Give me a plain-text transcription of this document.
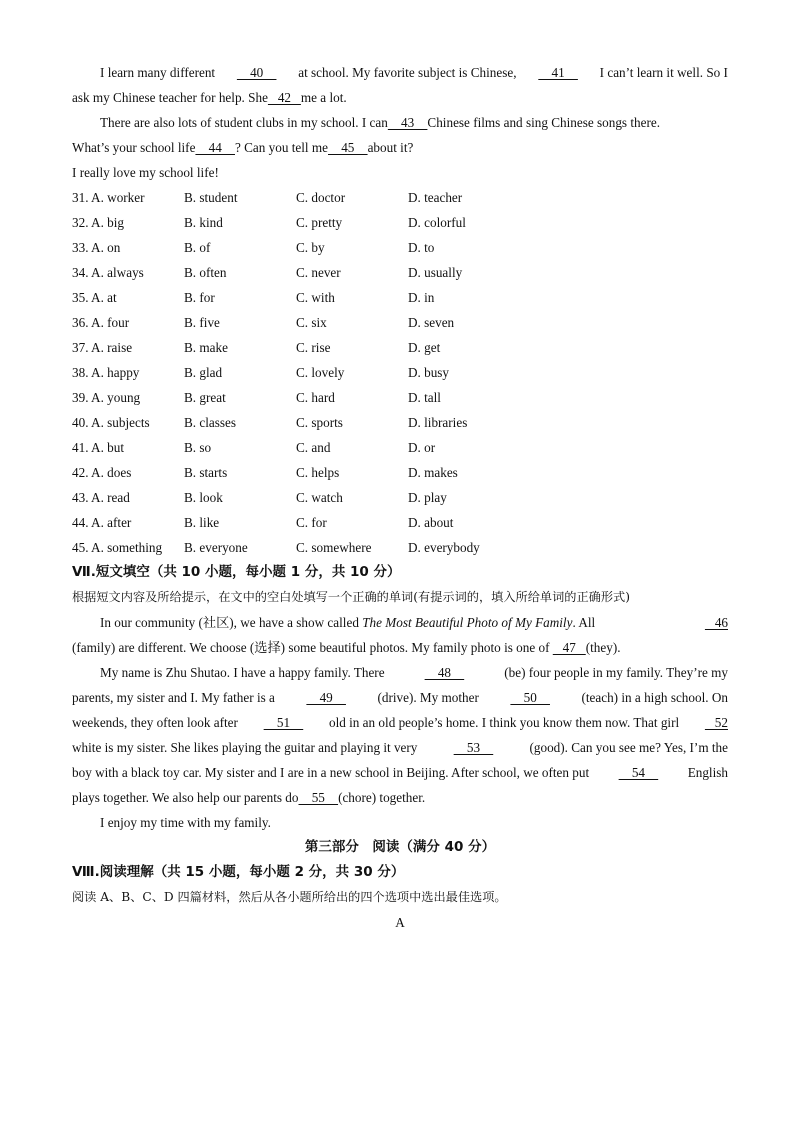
I learn many different 40 at school. My favorite subject is Chinese, 41 I can’t learn it well. So I
ask my Chinese teacher for help. She   42   me a lot.
There are also lots of student clubs in my school. I can    43    Chinese films and sing Chinese songs there.
What’s your school life    44    ? Can you tell me    45    about it?
I really love my school life!
31. A. worker	B. student	C. doctor	D. teacher
32. A. big	B. kind	C. pretty	D. colorful
33. A. on	B. of	C. by	D. to
34. A. always	B. often	C. never	D. usually
35. A. at	B. for	C. with	D. in
36. A. four	B. five	C. six	D. seven
37. A. raise	B. make	C. rise	D. get
38. A. happy	B. glad	C. lovely	D. busy
39. A. young	B. great	C. hard	D. tall
40. A. subjects	B. classes	C. sports	D. libraries
41. A. but	B. so	C. and	D. or
42. A. does	B. starts	C. helps	D. makes
43. A. read	B. look	C. watch	D. play
44. A. after	B. like	C. for	D. about
45. A. something	B. everyone	C. somewhere	D. everybody
Ⅶ.短文填空（共 10 小题，每小题 1 分，共 10 分）
根据短文内容及所给提示，在文中的空白处填写一个正确的单词(有提示词的，填入所给单词的正确形式)
In our community (社区), we have a show called The Most Beautiful Photo of My Family. All	46
(family) are different. We choose (选择) some beautiful photos. My family photo is one of    47   (they).
My name is Zhu Shutao. I have a happy family. There	48	(be) four people in my family. They’re my
parents, my sister and I. My father is a 49 (drive). My mother 50 (teach) in a high school. On
weekends, they often look after 51 old in an old people’s home. I think you know them now. That girl 52
white is my sister. She likes playing the guitar and playing it very	53	(good). Can you see me? Yes, I’m the
boy with a black toy car. My sister and I are in a new school in Beijing. After school, we often put 54 English
plays together. We also help our parents do    55    (chore) together.
I enjoy my time with my family.
第三部分　阅读（满分 40 分）
Ⅷ.阅读理解（共 15 小题，每小题 2 分，共 30 分）
阅读 A、B、C、D 四篇材料，然后从各小题所给出的四个选项中选出最佳选项。
A
